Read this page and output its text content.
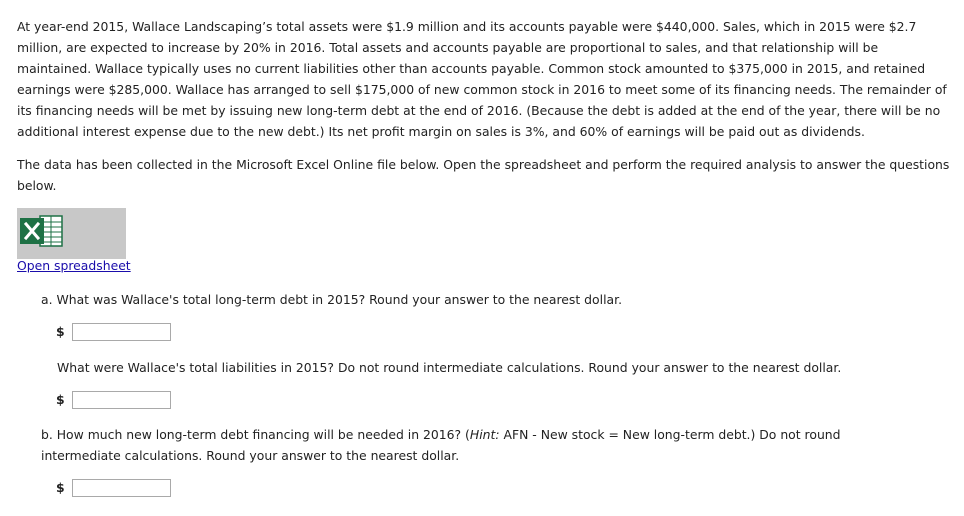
At year-end 2015, Wallace Landscaping’s total assets were $1.9 million and its accounts payable were $440,000. Sales, which in 2015 were $2.7 million, are expected to increase by 20% in 2016. Total assets and accounts payable are proportional to sales, and that relationship will be maintained. Wallace typically uses no current liabilities other than accounts payable. Common stock amounted to $375,000 in 2015, and retained earnings were $285,000. Wallace has arranged to sell $175,000 of new common stock in 2016 to meet some of its financing needs. The remainder of its financing needs will be met by issuing new long-term debt at the end of 2016. (Because the debt is added at the end of the year, there will be no additional interest expense due to the new debt.) Its net profit margin on sales is 3%, and 60% of earnings will be paid out as dividends.

The data has been collected in the Microsoft Excel Online file below. Open the spreadsheet and perform the required analysis to answer the questions below.

Open spreadsheet

a. What was Wallace's total long-term debt in 2015? Round your answer to the nearest dollar.

$

What were Wallace's total liabilities in 2015? Do not round intermediate calculations. Round your answer to the nearest dollar.

$

b. How much new long-term debt financing will be needed in 2016? (Hint: AFN - New stock = New long-term debt.) Do not round intermediate calculations. Round your answer to the nearest dollar.

$
